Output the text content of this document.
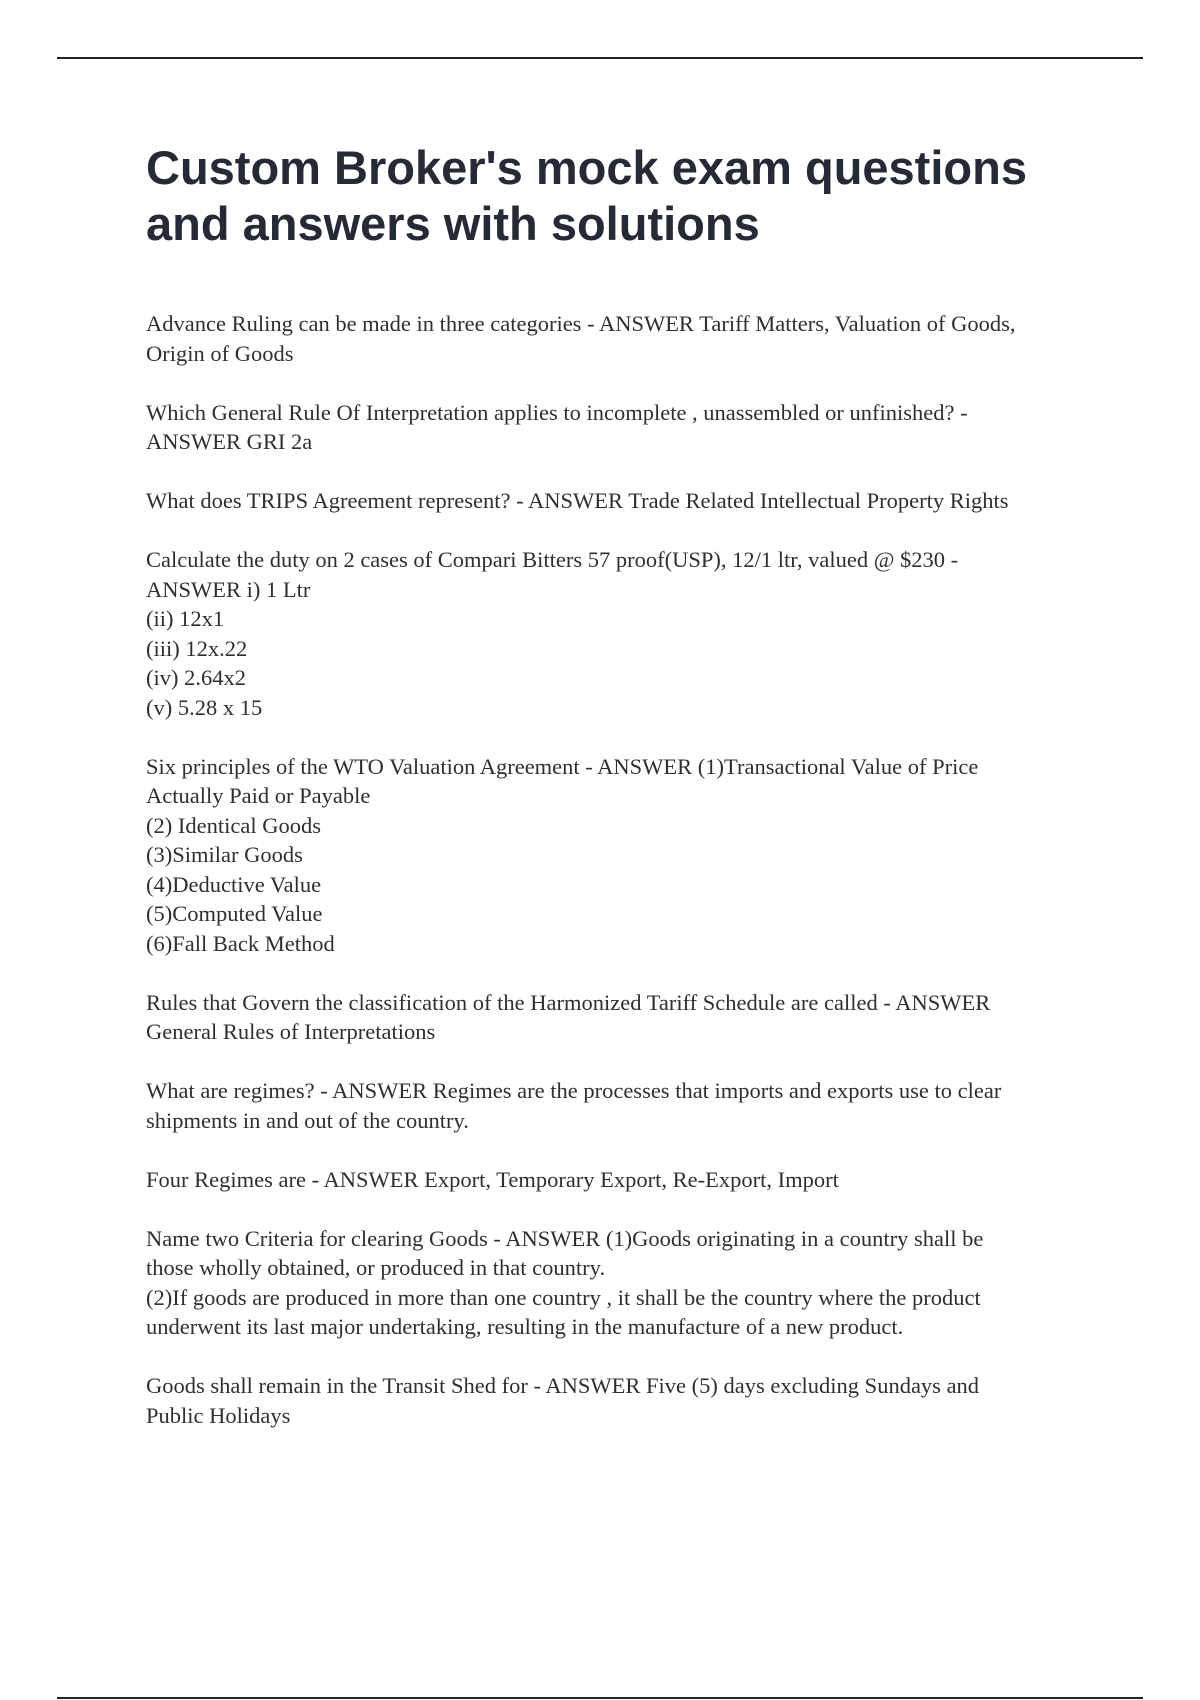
Custom Broker's mock exam questions
and answers with solutions

Advance Ruling can be made in three categories - ANSWER Tariff Matters, Valuation of Goods,
Origin of Goods

Which General Rule Of Interpretation applies to incomplete , unassembled or unfinished? -
ANSWER GRI 2a

What does TRIPS Agreement represent? - ANSWER Trade Related Intellectual Property Rights

Calculate the duty on 2 cases of Compari Bitters 57 proof(USP), 12/1 ltr, valued @ $230 -
ANSWER i) 1 Ltr
(ii) 12x1
(iii) 12x.22
(iv) 2.64x2
(v) 5.28 x 15

Six principles of the WTO Valuation Agreement - ANSWER (1)Transactional Value of Price
Actually Paid or Payable
(2) Identical Goods
(3)Similar Goods
(4)Deductive Value
(5)Computed Value
(6)Fall Back Method

Rules that Govern the classification of the Harmonized Tariff Schedule are called - ANSWER
General Rules of Interpretations

What are regimes? - ANSWER Regimes are the processes that imports and exports use to clear
shipments in and out of the country.

Four Regimes are - ANSWER Export, Temporary Export, Re-Export, Import

Name two Criteria for clearing Goods - ANSWER (1)Goods originating in a country shall be
those wholly obtained, or produced in that country.
(2)If goods are produced in more than one country , it shall be the country where the product
underwent its last major undertaking, resulting in the manufacture of a new product.

Goods shall remain in the Transit Shed for - ANSWER Five (5) days excluding Sundays and
Public Holidays
